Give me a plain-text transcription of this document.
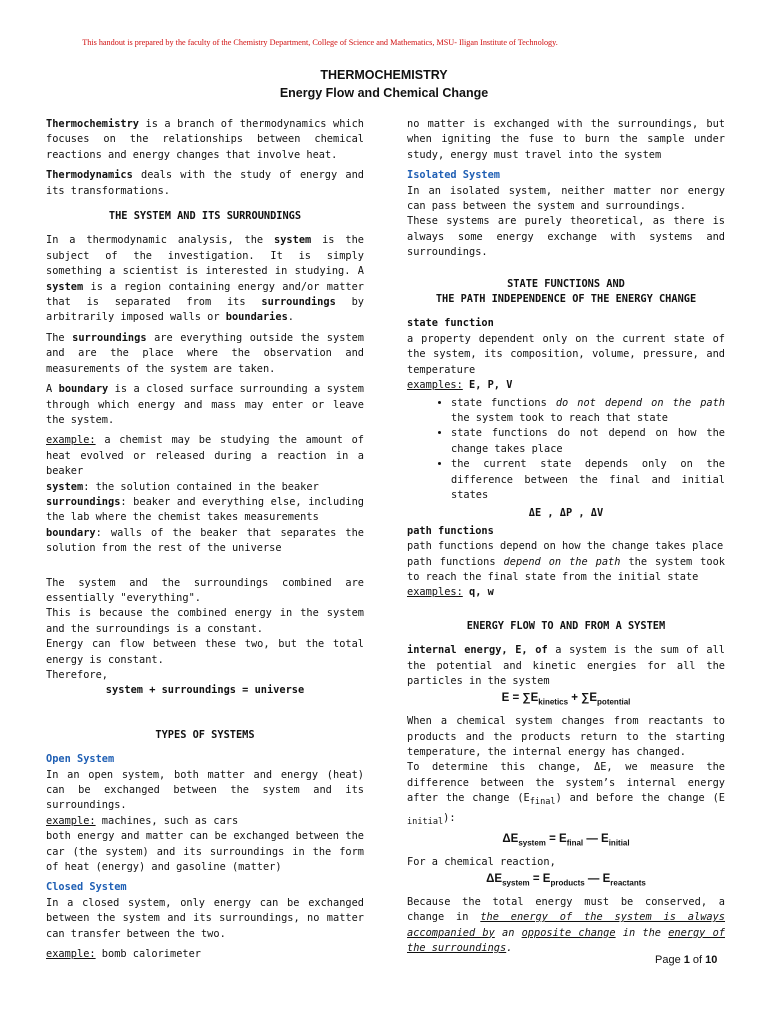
This handout is prepared by the faculty of the Chemistry Department, College of Science and Mathematics, MSU- Iligan Institute of Technology.
THERMOCHEMISTRY
Energy Flow and Chemical Change

Thermochemistry is a branch of thermodynamics which focuses on the relationships between chemical reactions and energy changes that involve heat.

Thermodynamics deals with the study of energy and its transformations.

THE SYSTEM AND ITS SURROUNDINGS

In a thermodynamic analysis, the system is the subject of the investigation. It is simply something a scientist is interested in studying. A system is a region containing energy and/or matter that is separated from its surroundings by arbitrarily imposed walls or boundaries.

The surroundings are everything outside the system and are the place where the observation and measurements of the system are taken.

A boundary is a closed surface surrounding a system through which energy and mass may enter or leave the system.

example: a chemist may be studying the amount of heat evolved or released during a reaction in a beaker

system: the solution contained in the beaker

surroundings: beaker and everything else, including the lab where the chemist takes measurements

boundary: walls of the beaker that separates the solution from the rest of the universe

The system and the surroundings combined are essentially "everything".

This is because the combined energy in the system and the surroundings is a constant.

Energy can flow between these two, but the total energy is constant.

Therefore,

system + surroundings = universe

TYPES OF SYSTEMS
Open System

In an open system, both matter and energy (heat) can be exchanged between the system and its surroundings.

example: machines, such as cars

both energy and matter can be exchanged between the car (the system) and its surroundings in the form of heat (energy) and gasoline (matter)

Closed System

In a closed system, only energy can be exchanged between the system and its surroundings, no matter can transfer between the two.

example: bomb calorimeter

no matter is exchanged with the surroundings, but when igniting the fuse to burn the sample under study, energy must travel into the system

Isolated System

In an isolated system, neither matter nor energy can pass between the system and surroundings.

These systems are purely theoretical, as there is always some energy exchange with systems and surroundings.

STATE FUNCTIONS AND
THE PATH INDEPENDENCE OF THE ENERGY CHANGE

state function

a property dependent only on the current state of the system, its composition, volume, pressure, and temperature

examples: E, P, V

• state functions do not depend on the path the system took to reach that state
• state functions do not depend on how the change takes place
• the current state depends only on the difference between the final and initial states

ΔE , ΔP , ΔV

path functions

path functions depend on how the change takes place

path functions depend on the path the system took to reach the final state from the initial state

examples: q, w

ENERGY FLOW TO AND FROM A SYSTEM

internal energy, E, of a system is the sum of all the potential and kinetic energies for all the particles in the system

$E = \sum E_{kinetics} + \sum E_{potential}$

When a chemical system changes from reactants to products and the products return to the starting temperature, the internal energy has changed.

To determine this change, ΔE, we measure the difference between the system’s internal energy after the change $(E_{final})$ and before the change (E $_{initial}$):

$\Delta E_{system} = E_{final}$ — $E_{initial}$

For a chemical reaction,

$\Delta E_{system} = E_{products}$ — $E_{reactants}$

Because the total energy must be conserved, a change in the energy of the system is always accompanied by an opposite change in the energy of the surroundings.

Page 1 of 10
